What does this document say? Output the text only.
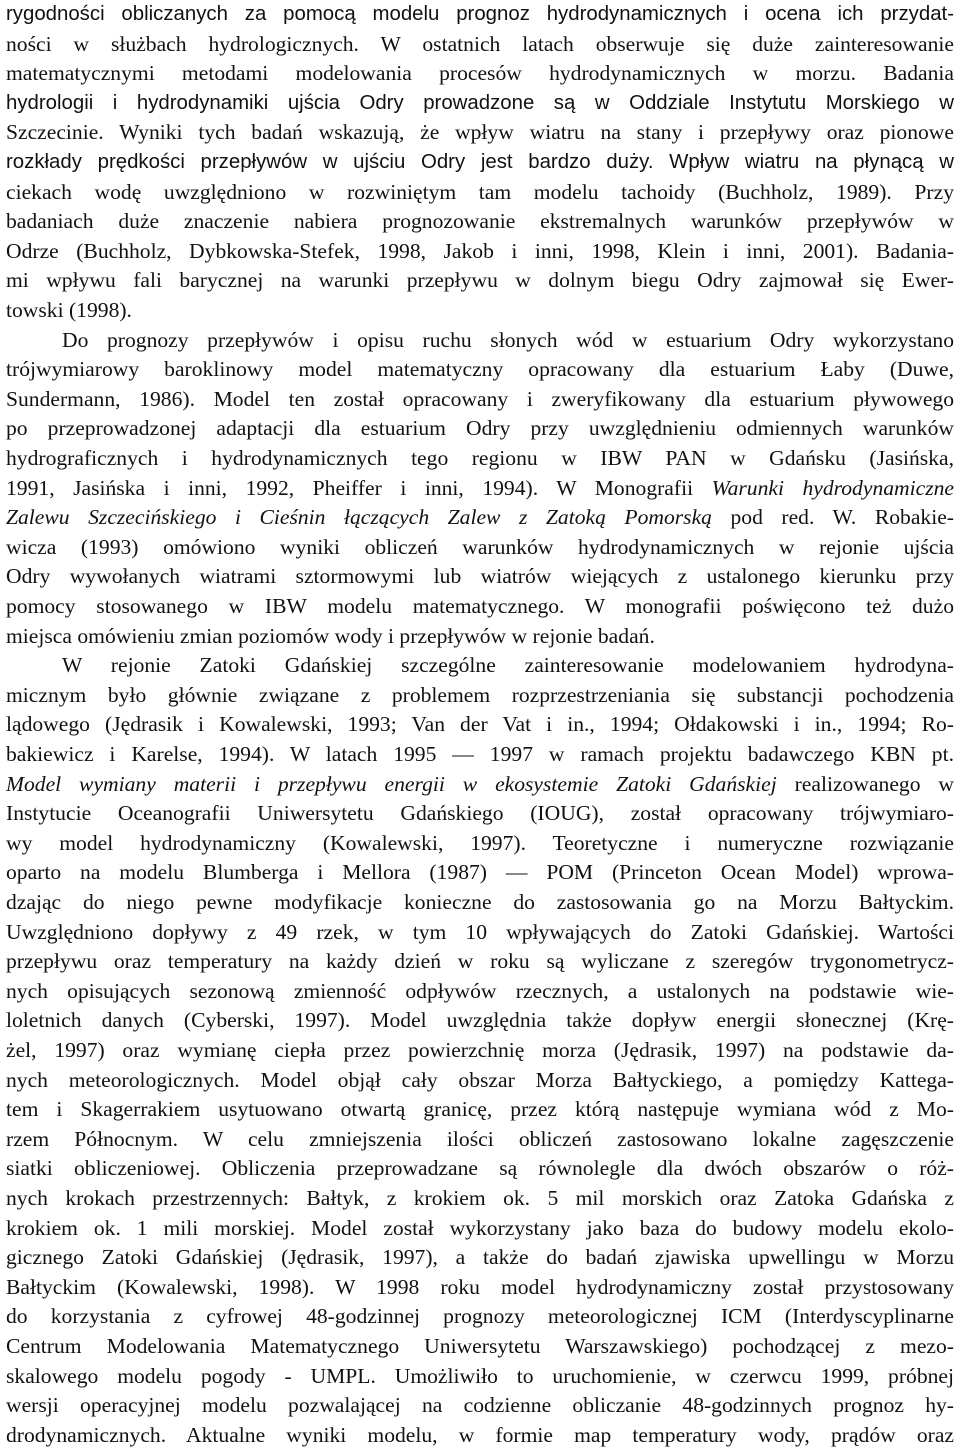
rygodności obliczanych za pomocą modelu prognoz hydrodynamicznych i ocena ich przydat-
ności w służbach hydrologicznych. W ostatnich latach obserwuje się duże zainteresowanie
matematycznymi metodami modelowania procesów hydrodynamicznych w morzu. Badania
hydrologii i hydrodynamiki ujścia Odry prowadzone są w Oddziale Instytutu Morskiego w
Szczecinie. Wyniki tych badań wskazują, że wpływ wiatru na stany i przepływy oraz pionowe
rozkłady prędkości przepływów w ujściu Odry jest bardzo duży. Wpływ wiatru na płynącą w
ciekach wodę uwzględniono w rozwiniętym tam modelu tachoidy (Buchholz, 1989). Przy
badaniach duże znaczenie nabiera prognozowanie ekstremalnych warunków przepływów w
Odrze (Buchholz, Dybkowska-Stefek, 1998, Jakob i inni, 1998, Klein i inni, 2001). Badania-
mi wpływu fali barycznej na warunki przepływu w dolnym biegu Odry zajmował się Ewer-
towski (1998).
Do prognozy przepływów i opisu ruchu słonych wód w estuarium Odry wykorzystano
trójwymiarowy baroklinowy model matematyczny opracowany dla estuarium Łaby (Duwe,
Sundermann, 1986). Model ten został opracowany i zweryfikowany dla estuarium pływowego
po przeprowadzonej adaptacji dla estuarium Odry przy uwzględnieniu odmiennych warunków
hydrograficznych i hydrodynamicznych tego regionu w IBW PAN w Gdańsku (Jasińska,
1991, Jasińska i inni, 1992, Pheiffer i inni, 1994). W Monografii Warunki hydrodynamiczne
Zalewu Szczecińskiego i Cieśnin łączących Zalew z Zatoką Pomorską pod red. W. Robakie-
wicza (1993) omówiono wyniki obliczeń warunków hydrodynamicznych w rejonie ujścia
Odry wywołanych wiatrami sztormowymi lub wiatrów wiejących z ustalonego kierunku przy
pomocy stosowanego w IBW modelu matematycznego. W monografii poświęcono też dużo
miejsca omówieniu zmian poziomów wody i przepływów w rejonie badań.
W rejonie Zatoki Gdańskiej szczególne zainteresowanie modelowaniem hydrodyna-
micznym było głównie związane z problemem rozprzestrzeniania się substancji pochodzenia
lądowego (Jędrasik i Kowalewski, 1993; Van der Vat i in., 1994; Ołdakowski i in., 1994; Ro-
bakiewicz i Karelse, 1994). W latach 1995 ― 1997 w ramach projektu badawczego KBN pt.
Model wymiany materii i przepływu energii w ekosystemie Zatoki Gdańskiej realizowanego w
Instytucie Oceanografii Uniwersytetu Gdańskiego (IOUG), został opracowany trójwymiaro-
wy model hydrodynamiczny (Kowalewski, 1997). Teoretyczne i numeryczne rozwiązanie
oparto na modelu Blumberga i Mellora (1987) ― POM (Princeton Ocean Model) wprowa-
dzając do niego pewne modyfikacje konieczne do zastosowania go na Morzu Bałtyckim.
Uwzględniono dopływy z 49 rzek, w tym 10 wpływających do Zatoki Gdańskiej. Wartości
przepływu oraz temperatury na każdy dzień w roku są wyliczane z szeregów trygonometrycz-
nych opisujących sezonową zmienność odpływów rzecznych, a ustalonych na podstawie wie-
loletnich danych (Cyberski, 1997). Model uwzględnia także dopływ energii słonecznej (Krę-
żel, 1997) oraz wymianę ciepła przez powierzchnię morza (Jędrasik, 1997) na podstawie da-
nych meteorologicznych. Model objął cały obszar Morza Bałtyckiego, a pomiędzy Kattega-
tem i Skagerrakiem usytuowano otwartą granicę, przez którą następuje wymiana wód z Mo-
rzem Północnym. W celu zmniejszenia ilości obliczeń zastosowano lokalne zagęszczenie
siatki obliczeniowej. Obliczenia przeprowadzane są równolegle dla dwóch obszarów o róż-
nych krokach przestrzennych: Bałtyk, z krokiem ok. 5 mil morskich oraz Zatoka Gdańska z
krokiem ok. 1 mili morskiej. Model został wykorzystany jako baza do budowy modelu ekolo-
gicznego Zatoki Gdańskiej (Jędrasik, 1997), a także do badań zjawiska upwellingu w Morzu
Bałtyckim (Kowalewski, 1998). W 1998 roku model hydrodynamiczny został przystosowany
do korzystania z cyfrowej 48-godzinnej prognozy meteorologicznej ICM (Interdyscyplinarne
Centrum Modelowania Matematycznego Uniwersytetu Warszawskiego) pochodzącej z mezo-
skalowego modelu pogody - UMPL. Umożliwiło to uruchomienie, w czerwcu 1999, próbnej
wersji operacyjnej modelu pozwalającej na codzienne obliczanie 48-godzinnych prognoz hy-
drodynamicznych. Aktualne wyniki modelu, w formie map temperatury wody, prądów oraz
